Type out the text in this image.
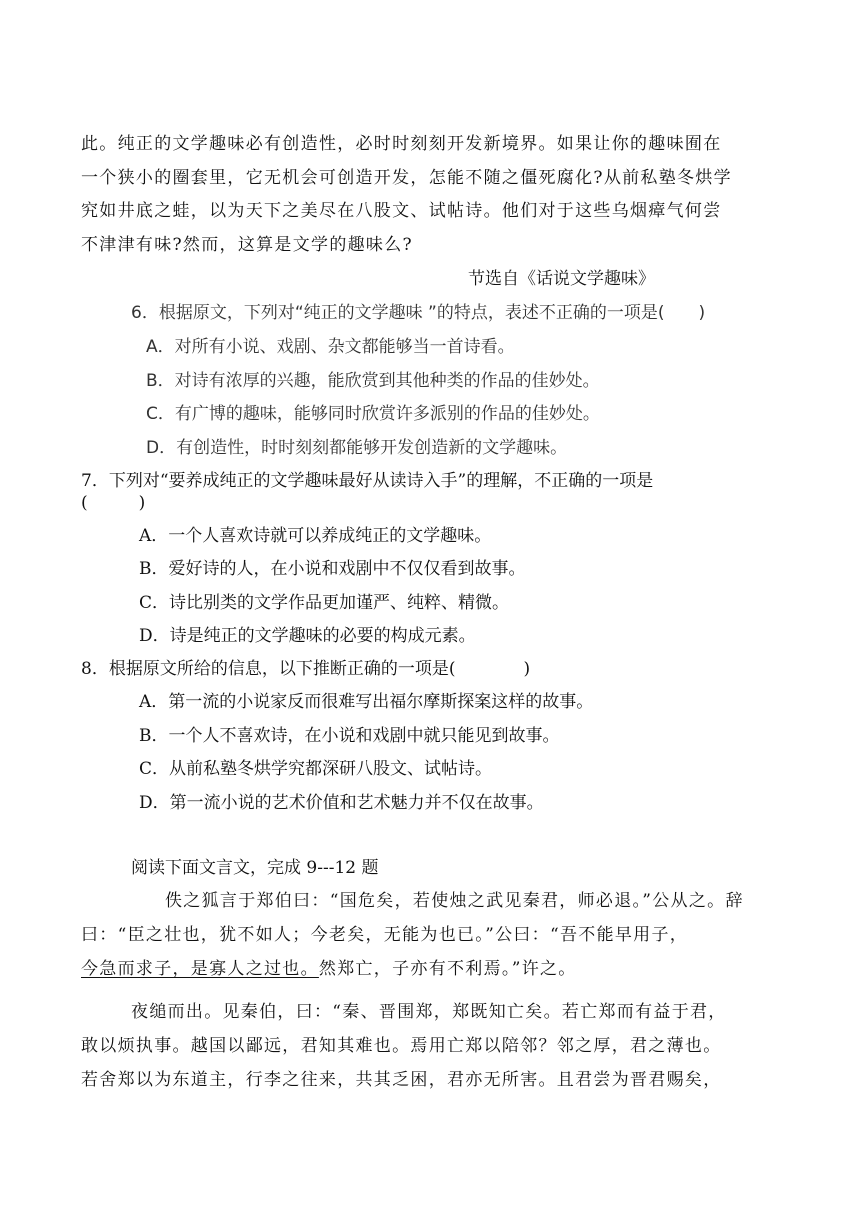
此。纯正的文学趣味必有创造性，必时时刻刻开发新境界。如果让你的趣味囿在
一个狭小的圈套里，它无机会可创造开发，怎能不随之僵死腐化?从前私塾冬烘学
究如井底之蛙，以为天下之美尽在八股文、试帖诗。他们对于这些乌烟瘴气何尝
不津津有味?然而，这算是文学的趣味么?
节选自《话说文学趣味》
6．根据原文，下列对“纯正的文学趣味 ”的特点，表述不正确的一项是(　　)
A．对所有小说、戏剧、杂文都能够当一首诗看。
B．对诗有浓厚的兴趣，能欣赏到其他种类的作品的佳妙处。
C．有广博的趣味，能够同时欣赏许多派别的作品的佳妙处。
D．有创造性，时时刻刻都能够开发创造新的文学趣味。
7．下列对“要养成纯正的文学趣味最好从读诗入手”的理解，不正确的一项是
(　　　)
A．一个人喜欢诗就可以养成纯正的文学趣味。
B．爱好诗的人，在小说和戏剧中不仅仅看到故事。
C．诗比别类的文学作品更加谨严、纯粹、精微。
D．诗是纯正的文学趣味的必要的构成元素。
8．根据原文所给的信息，以下推断正确的一项是(　　　　)
A．第一流的小说家反而很难写出福尔摩斯探案这样的故事。
B．一个人不喜欢诗，在小说和戏剧中就只能见到故事。
C．从前私塾冬烘学究都深研八股文、试帖诗。
D．第一流小说的艺术价值和艺术魅力并不仅在故事。
阅读下面文言文，完成 9---12 题
佚之狐言于郑伯曰：“国危矣，若使烛之武见秦君，师必退。”公从之。辞
曰：“臣之壮也，犹不如人；今老矣，无能为也已。”公曰：“吾不能早用子，
今急而求子，是寡人之过也。然郑亡，子亦有不利焉。”许之。
夜缒而出。见秦伯，曰：“秦、晋围郑，郑既知亡矣。若亡郑而有益于君，
敢以烦执事。越国以鄙远，君知其难也。焉用亡郑以陪邻？邻之厚，君之薄也。
若舍郑以为东道主，行李之往来，共其乏困，君亦无所害。且君尝为晋君赐矣，
